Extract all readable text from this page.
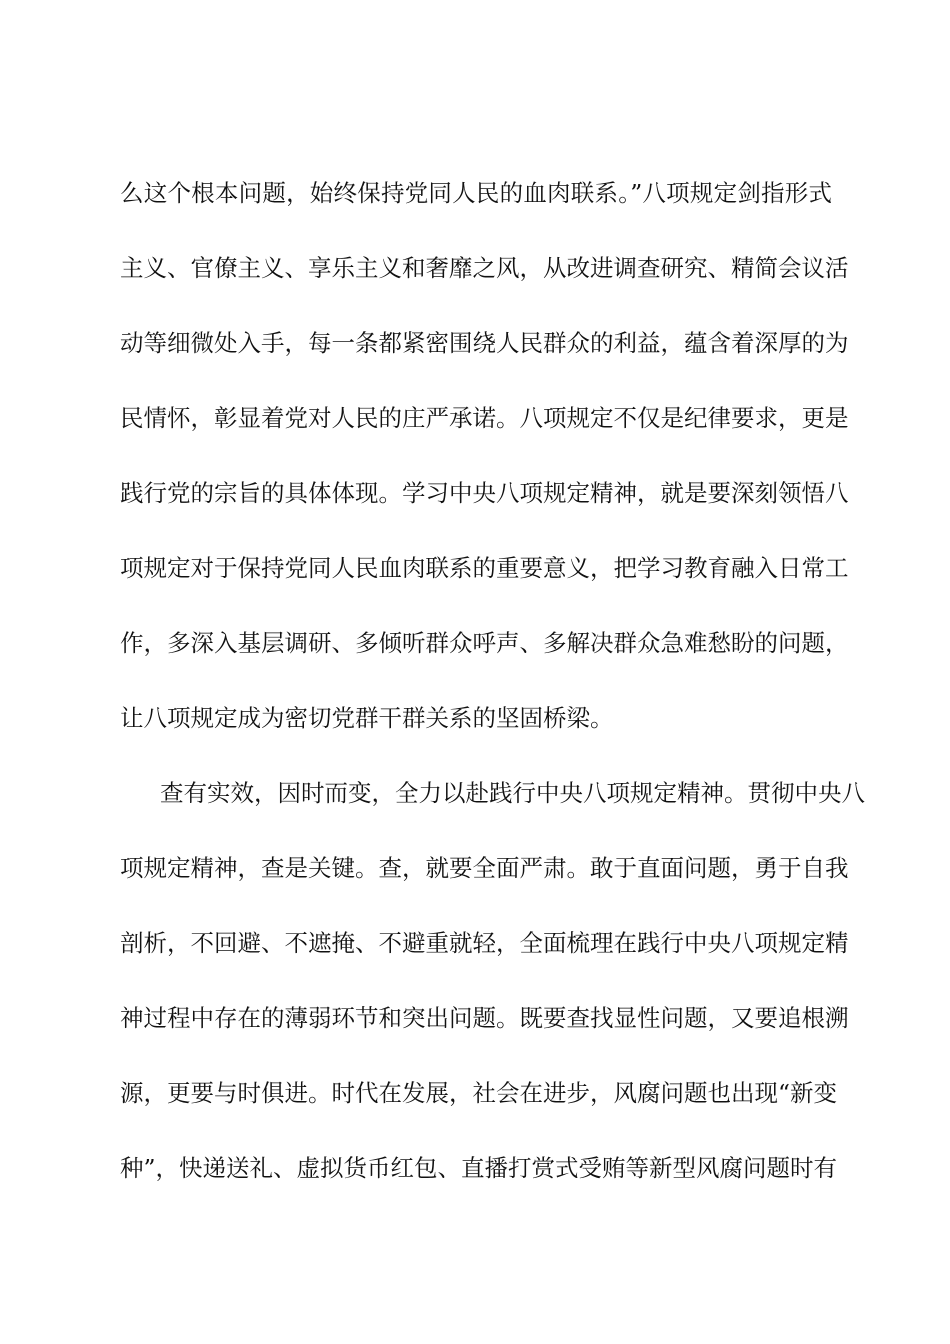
么这个根本问题，始终保持党同人民的血肉联系。”八项规定剑指形式
主义、官僚主义、享乐主义和奢靡之风，从改进调查研究、精简会议活
动等细微处入手，每一条都紧密围绕人民群众的利益，蕴含着深厚的为
民情怀，彰显着党对人民的庄严承诺。八项规定不仅是纪律要求，更是
践行党的宗旨的具体体现。学习中央八项规定精神，就是要深刻领悟八
项规定对于保持党同人民血肉联系的重要意义，把学习教育融入日常工
作，多深入基层调研、多倾听群众呼声、多解决群众急难愁盼的问题，
让八项规定成为密切党群干群关系的坚固桥梁。
查有实效，因时而变，全力以赴践行中央八项规定精神。贯彻中央八
项规定精神，查是关键。查，就要全面严肃。敢于直面问题，勇于自我
剖析，不回避、不遮掩、不避重就轻，全面梳理在践行中央八项规定精
神过程中存在的薄弱环节和突出问题。既要查找显性问题，又要追根溯
源，更要与时俱进。时代在发展，社会在进步，风腐问题也出现“新变
种”，快递送礼、虚拟货币红包、直播打赏式受贿等新型风腐问题时有
